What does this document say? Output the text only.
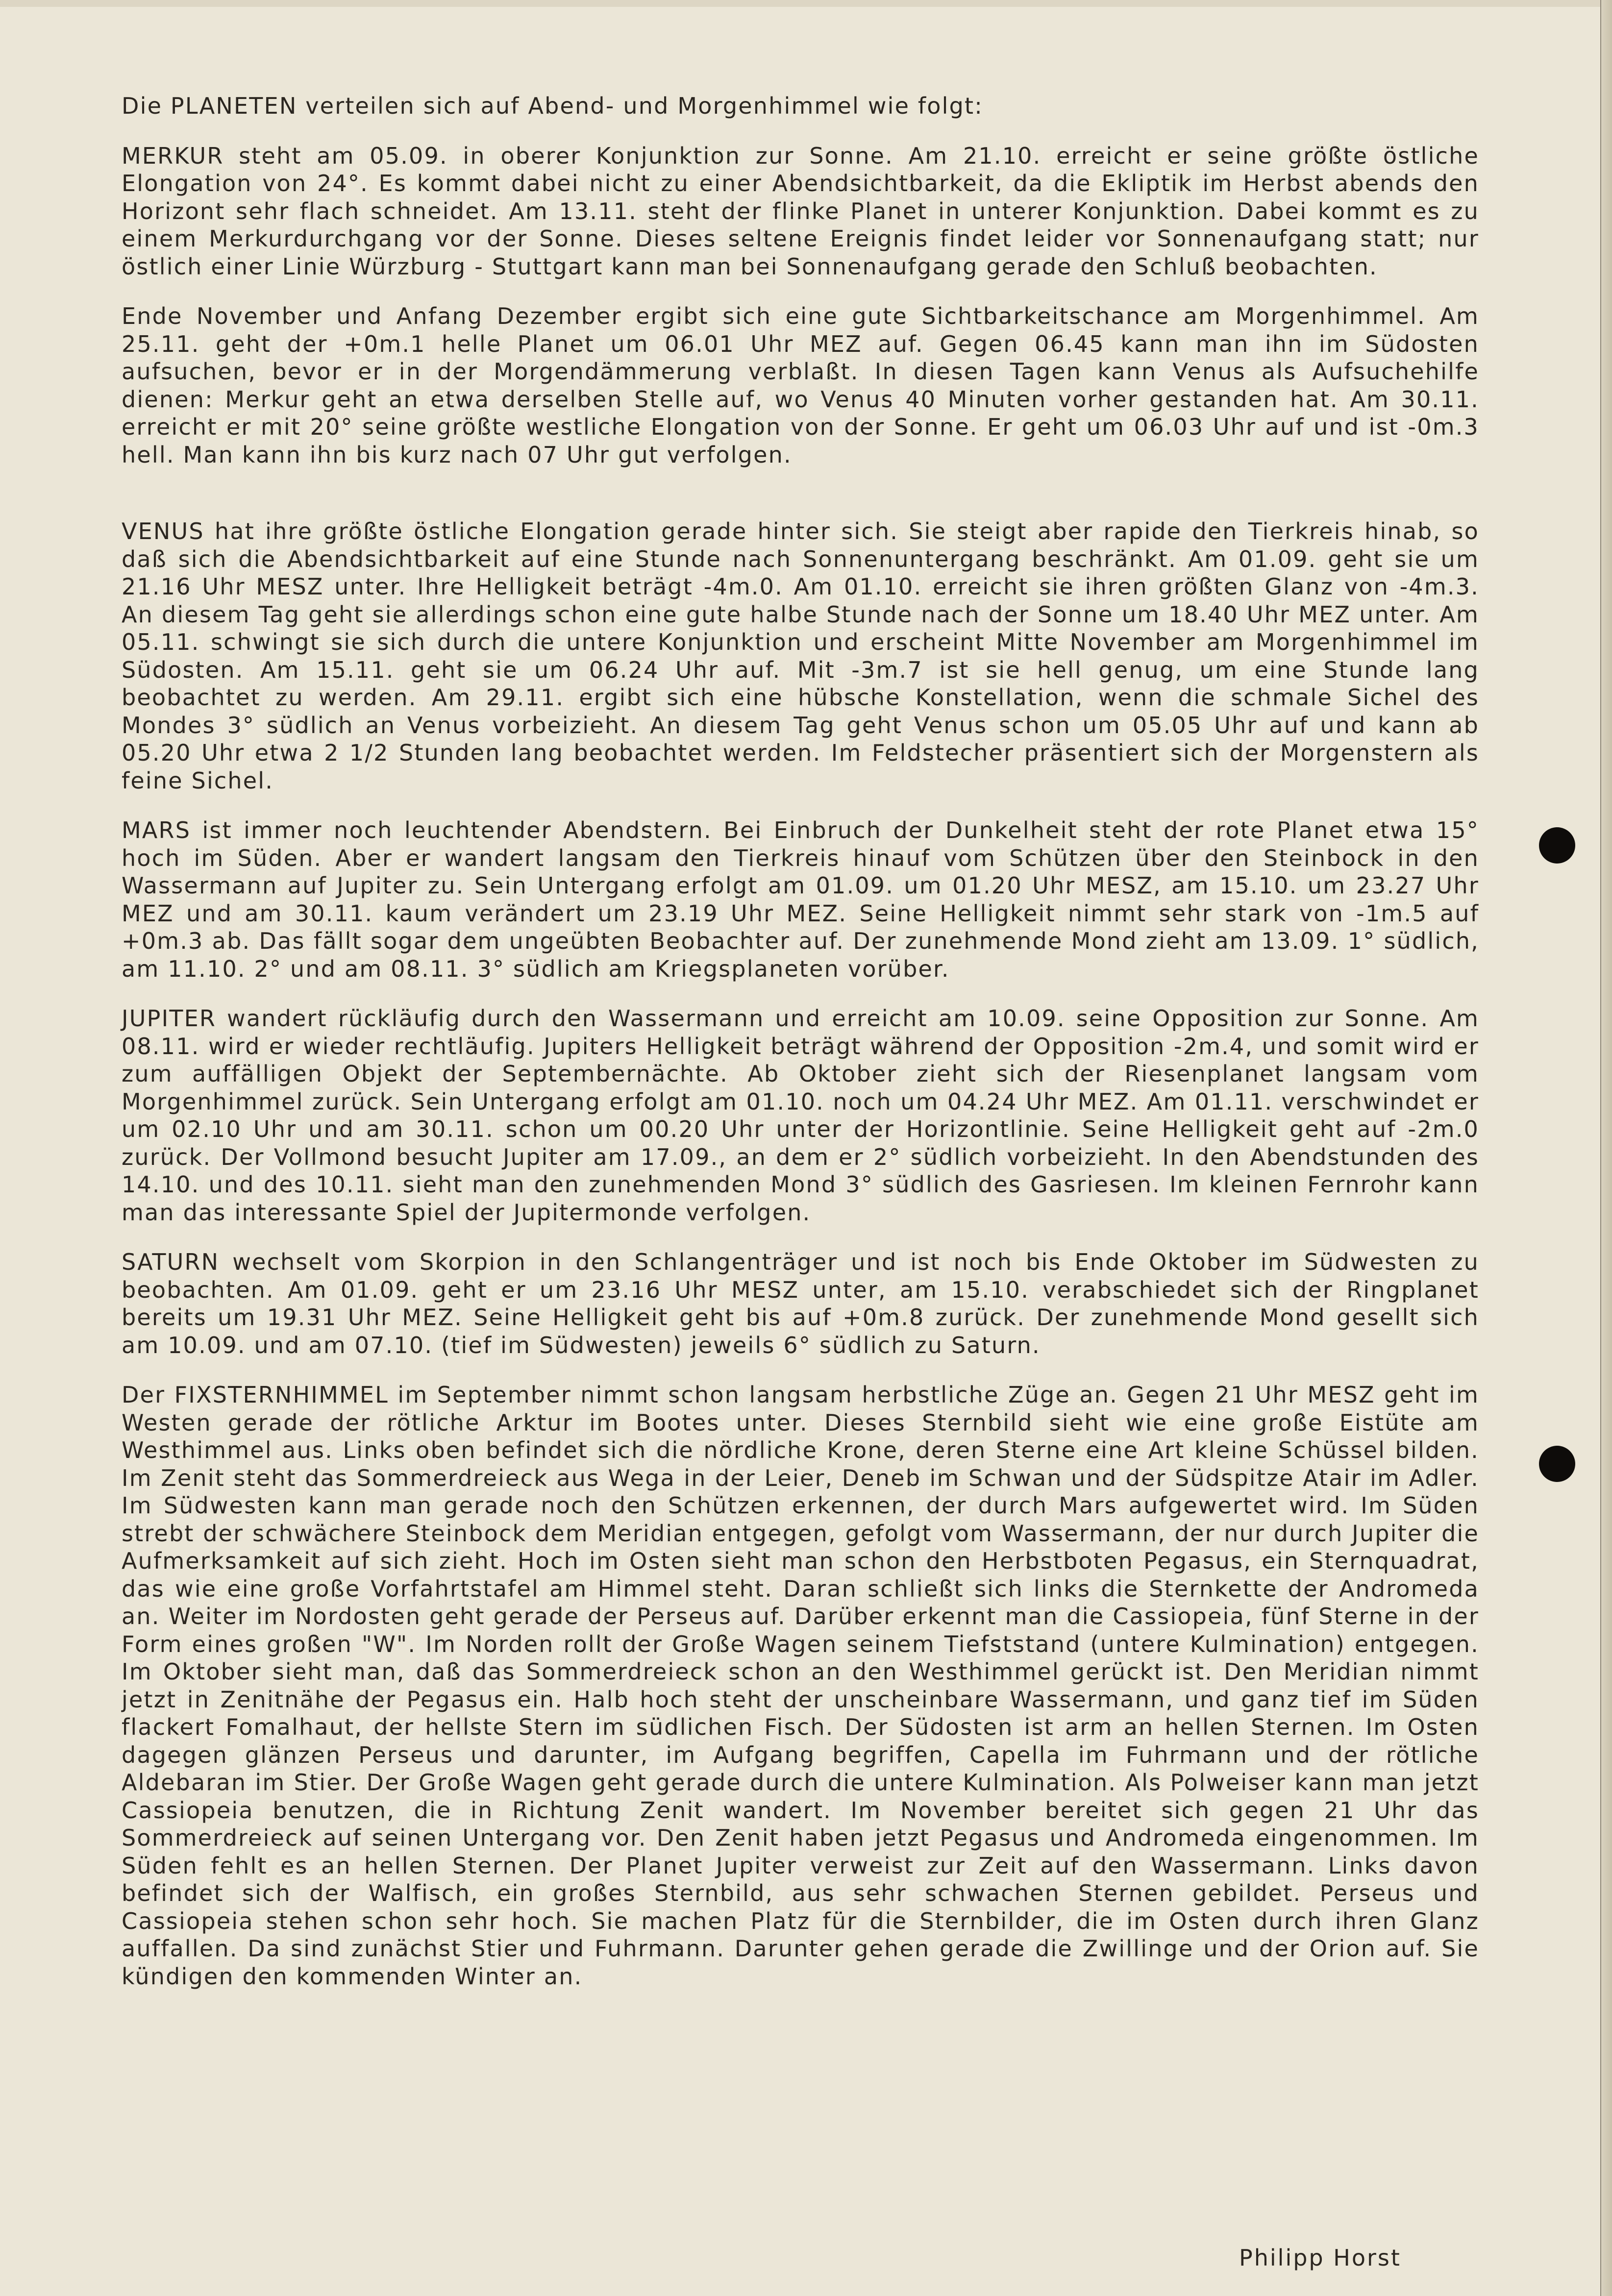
Die PLANETEN verteilen sich auf Abend- und Morgenhimmel wie folgt:

MERKUR steht am 05.09. in oberer Konjunktion zur Sonne. Am 21.10. erreicht er seine größte östliche Elongation von 24°. Es kommt dabei nicht zu einer Abendsichtbarkeit, da die Ekliptik im Herbst abends den Horizont sehr flach schneidet. Am 13.11. steht der flinke Planet in unterer Konjunktion. Dabei kommt es zu einem Merkurdurchgang vor der Sonne. Dieses seltene Ereignis findet leider vor Sonnenaufgang statt; nur östlich einer Linie Würzburg - Stuttgart kann man bei Sonnenaufgang gerade den Schluß beobachten.

Ende November und Anfang Dezember ergibt sich eine gute Sichtbarkeitschance am Morgenhimmel. Am 25.11. geht der +0m.1 helle Planet um 06.01 Uhr MEZ auf. Gegen 06.45 kann man ihn im Südosten aufsuchen, bevor er in der Morgendämmerung verblaßt. In diesen Tagen kann Venus als Aufsuchehilfe dienen: Merkur geht an etwa derselben Stelle auf, wo Venus 40 Minuten vorher gestanden hat. Am 30.11. erreicht er mit 20° seine größte westliche Elongation von der Sonne. Er geht um 06.03 Uhr auf und ist -0m.3 hell. Man kann ihn bis kurz nach 07 Uhr gut verfolgen.

VENUS hat ihre größte östliche Elongation gerade hinter sich. Sie steigt aber rapide den Tierkreis hinab, so daß sich die Abendsichtbarkeit auf eine Stunde nach Sonnenuntergang beschränkt. Am 01.09. geht sie um 21.16 Uhr MESZ unter. Ihre Helligkeit beträgt -4m.0. Am 01.10. erreicht sie ihren größten Glanz von -4m.3. An diesem Tag geht sie allerdings schon eine gute halbe Stunde nach der Sonne um 18.40 Uhr MEZ unter. Am 05.11. schwingt sie sich durch die untere Konjunktion und erscheint Mitte November am Morgenhimmel im Südosten. Am 15.11. geht sie um 06.24 Uhr auf. Mit -3m.7 ist sie hell genug, um eine Stunde lang beobachtet zu werden. Am 29.11. ergibt sich eine hübsche Konstellation, wenn die schmale Sichel des Mondes 3° südlich an Venus vorbeizieht. An diesem Tag geht Venus schon um 05.05 Uhr auf und kann ab 05.20 Uhr etwa 2 1/2 Stunden lang beobachtet werden. Im Feldstecher präsentiert sich der Morgenstern als feine Sichel.

MARS ist immer noch leuchtender Abendstern. Bei Einbruch der Dunkelheit steht der rote Planet etwa 15° hoch im Süden. Aber er wandert langsam den Tierkreis hinauf vom Schützen über den Steinbock in den Wassermann auf Jupiter zu. Sein Untergang erfolgt am 01.09. um 01.20 Uhr MESZ, am 15.10. um 23.27 Uhr MEZ und am 30.11. kaum verändert um 23.19 Uhr MEZ. Seine Helligkeit nimmt sehr stark von -1m.5 auf +0m.3 ab. Das fällt sogar dem ungeübten Beobachter auf. Der zunehmende Mond zieht am 13.09. 1° südlich, am 11.10. 2° und am 08.11. 3° südlich am Kriegsplaneten vorüber.

JUPITER wandert rückläufig durch den Wassermann und erreicht am 10.09. seine Opposition zur Sonne. Am 08.11. wird er wieder rechtläufig. Jupiters Helligkeit beträgt während der Opposition -2m.4, und somit wird er zum auffälligen Objekt der Septembernächte. Ab Oktober zieht sich der Riesenplanet langsam vom Morgenhimmel zurück. Sein Untergang erfolgt am 01.10. noch um 04.24 Uhr MEZ. Am 01.11. verschwindet er um 02.10 Uhr und am 30.11. schon um 00.20 Uhr unter der Horizontlinie. Seine Helligkeit geht auf -2m.0 zurück. Der Vollmond besucht Jupiter am 17.09., an dem er 2° südlich vorbeizieht. In den Abendstunden des 14.10. und des 10.11. sieht man den zunehmenden Mond 3° südlich des Gasriesen. Im kleinen Fernrohr kann man das interessante Spiel der Jupitermonde verfolgen.

SATURN wechselt vom Skorpion in den Schlangenträger und ist noch bis Ende Oktober im Südwesten zu beobachten. Am 01.09. geht er um 23.16 Uhr MESZ unter, am 15.10. verabschiedet sich der Ringplanet bereits um 19.31 Uhr MEZ. Seine Helligkeit geht bis auf +0m.8 zurück. Der zunehmende Mond gesellt sich am 10.09. und am 07.10. (tief im Südwesten) jeweils 6° südlich zu Saturn.

Der FIXSTERNHIMMEL im September nimmt schon langsam herbstliche Züge an. Gegen 21 Uhr MESZ geht im Westen gerade der rötliche Arktur im Bootes unter. Dieses Sternbild sieht wie eine große Eistüte am Westhimmel aus. Links oben befindet sich die nördliche Krone, deren Sterne eine Art kleine Schüssel bilden. Im Zenit steht das Sommerdreieck aus Wega in der Leier, Deneb im Schwan und der Südspitze Atair im Adler. Im Südwesten kann man gerade noch den Schützen erkennen, der durch Mars aufgewertet wird. Im Süden strebt der schwächere Steinbock dem Meridian entgegen, gefolgt vom Wassermann, der nur durch Jupiter die Aufmerksamkeit auf sich zieht. Hoch im Osten sieht man schon den Herbstboten Pegasus, ein Sternquadrat, das wie eine große Vorfahrtstafel am Himmel steht. Daran schließt sich links die Sternkette der Andromeda an. Weiter im Nordosten geht gerade der Perseus auf. Darüber erkennt man die Cassiopeia, fünf Sterne in der Form eines großen "W". Im Norden rollt der Große Wagen seinem Tiefststand (untere Kulmination) entgegen. Im Oktober sieht man, daß das Sommerdreieck schon an den Westhimmel gerückt ist. Den Meridian nimmt jetzt in Zenitnähe der Pegasus ein. Halb hoch steht der unscheinbare Wassermann, und ganz tief im Süden flackert Fomalhaut, der hellste Stern im südlichen Fisch. Der Südosten ist arm an hellen Sternen. Im Osten dagegen glänzen Perseus und darunter, im Aufgang begriffen, Capella im Fuhrmann und der rötliche Aldebaran im Stier. Der Große Wagen geht gerade durch die untere Kulmination. Als Polweiser kann man jetzt Cassiopeia benutzen, die in Richtung Zenit wandert. Im November bereitet sich gegen 21 Uhr das Sommerdreieck auf seinen Untergang vor. Den Zenit haben jetzt Pegasus und Andromeda eingenommen. Im Süden fehlt es an hellen Sternen. Der Planet Jupiter verweist zur Zeit auf den Wassermann. Links davon befindet sich der Walfisch, ein großes Sternbild, aus sehr schwachen Sternen gebildet. Perseus und Cassiopeia stehen schon sehr hoch. Sie machen Platz für die Sternbilder, die im Osten durch ihren Glanz auffallen. Da sind zunächst Stier und Fuhrmann. Darunter gehen gerade die Zwillinge und der Orion auf. Sie kündigen den kommenden Winter an.

Philipp Horst
